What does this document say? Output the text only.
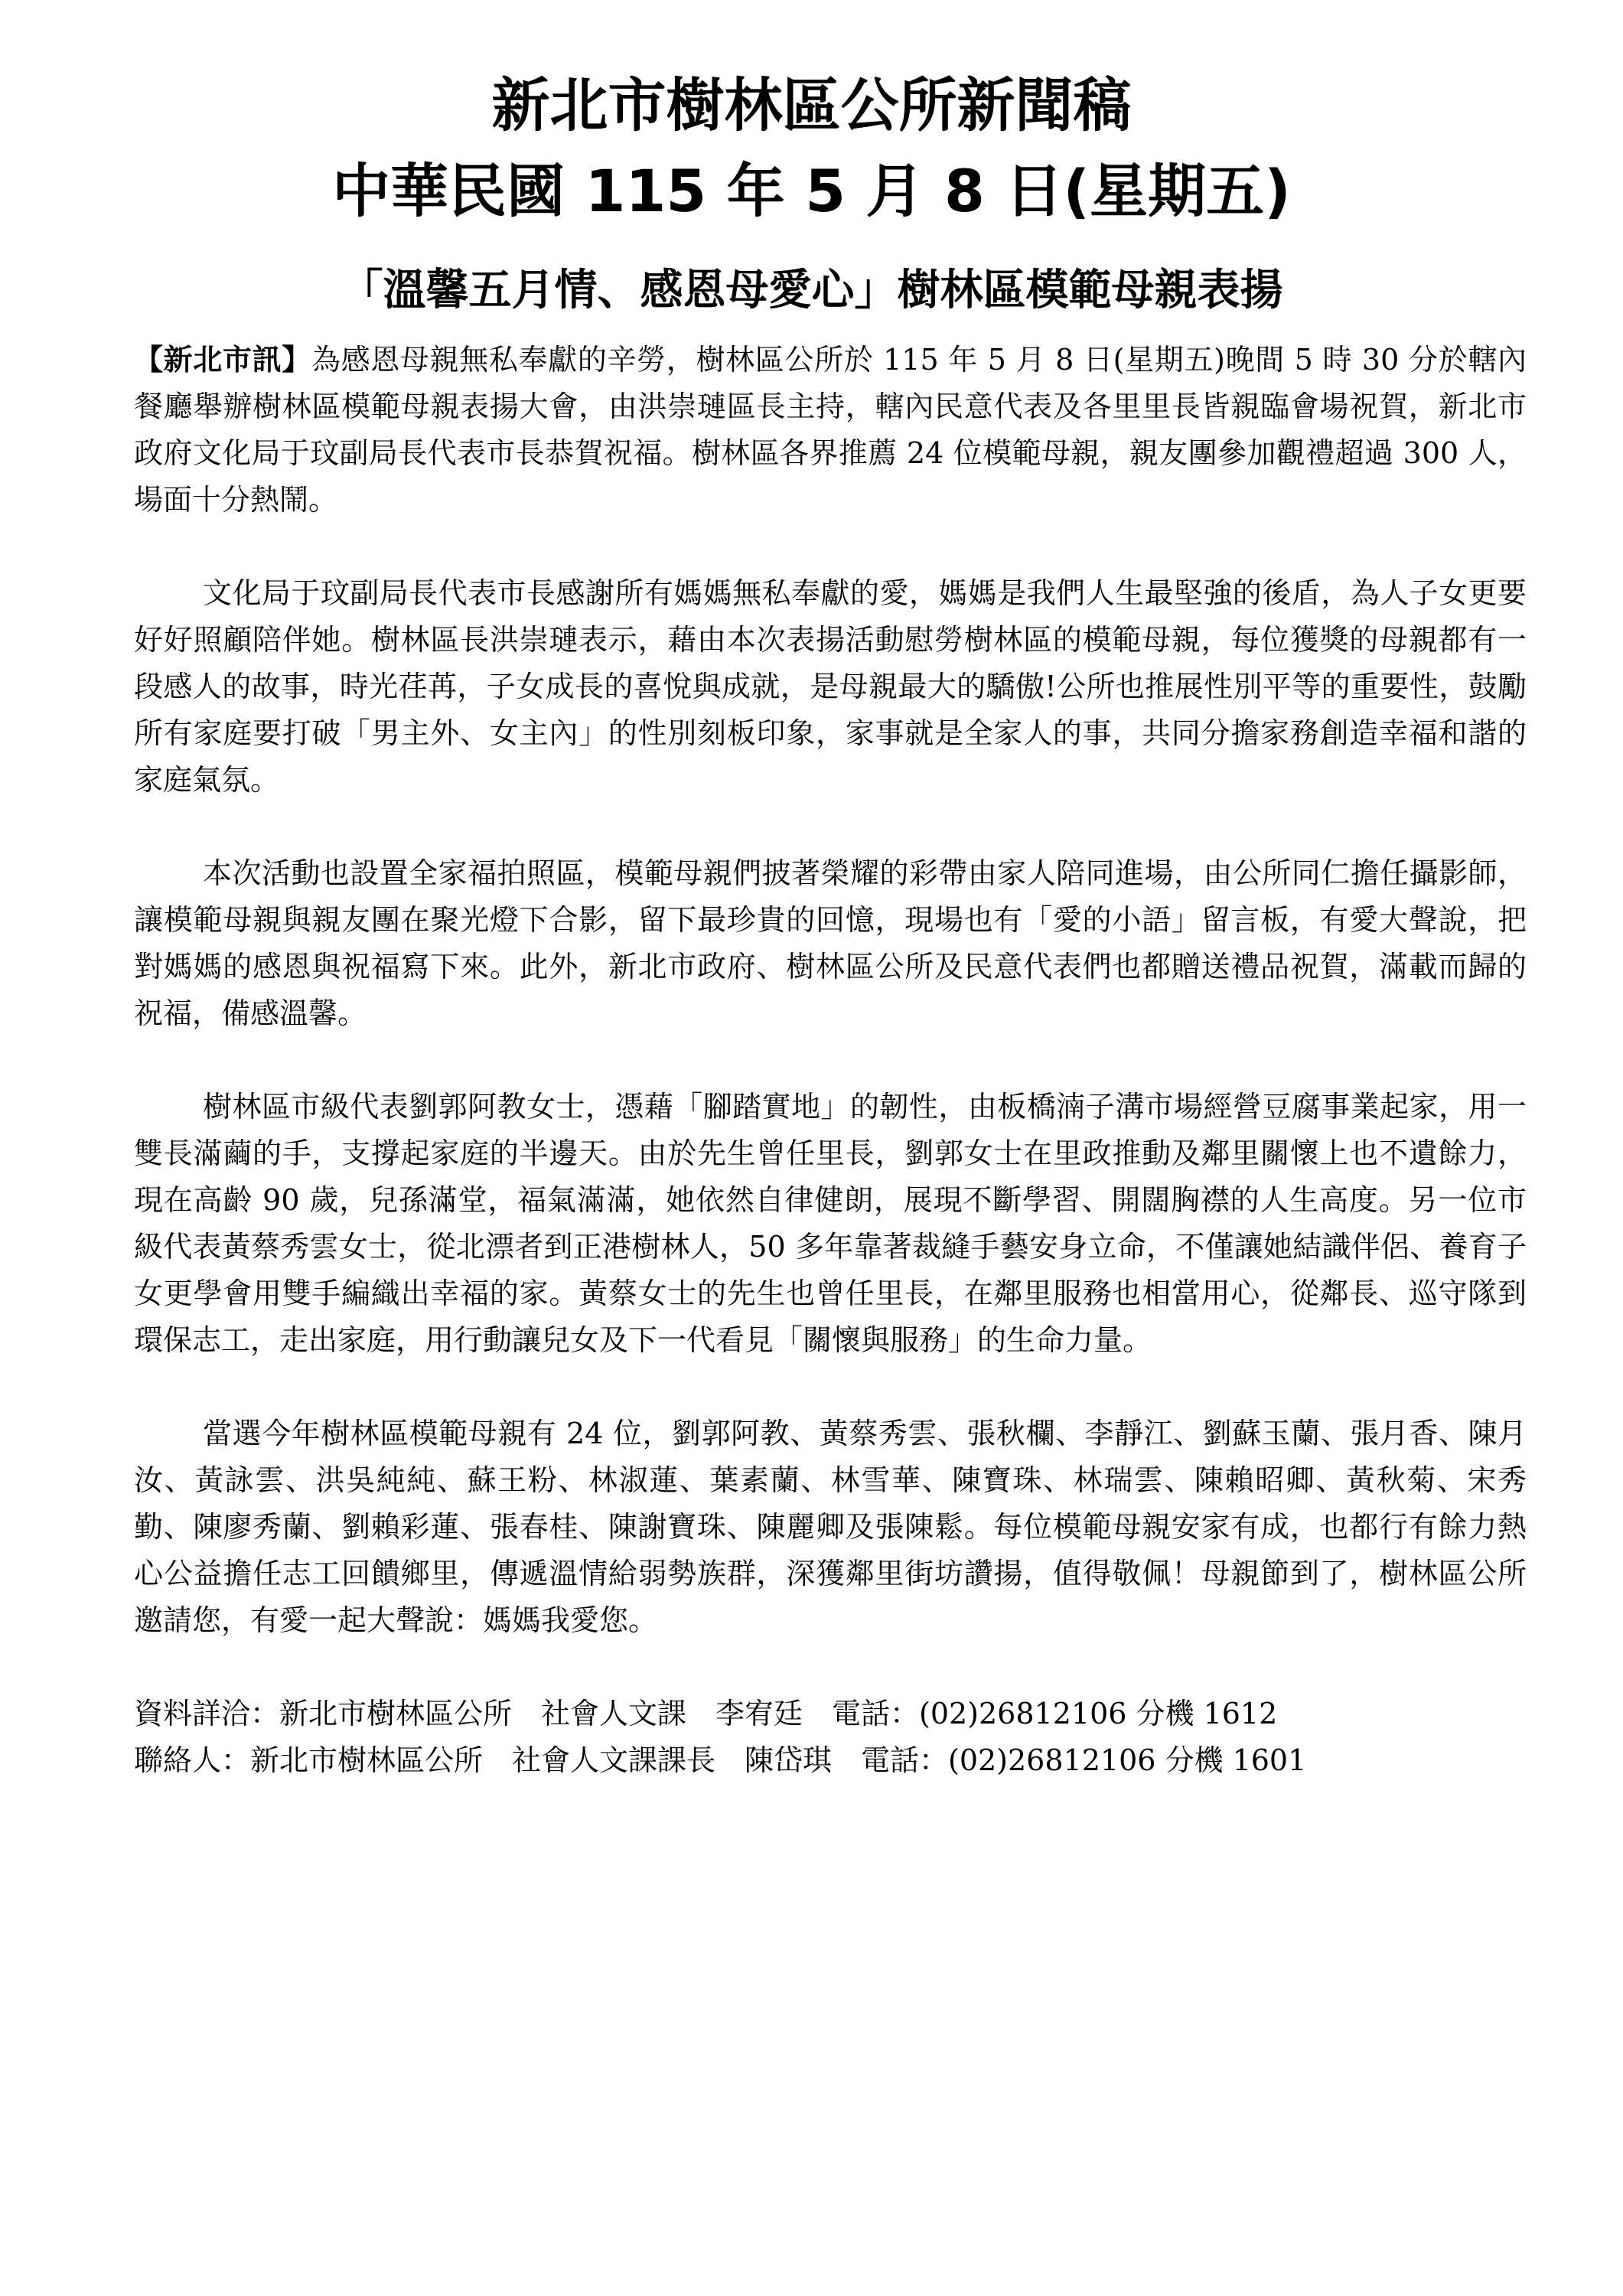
新北市樹林區公所新聞稿
中華民國 115 年 5 月 8 日(星期五)
「溫馨五月情、感恩母愛心」樹林區模範母親表揚

【新北市訊】為感恩母親無私奉獻的辛勞，樹林區公所於 115 年 5 月 8 日(星期五)晚間 5 時 30 分於轄內餐廳舉辦樹林區模範母親表揚大會，由洪崇璉區長主持，轄內民意代表及各里里長皆親臨會場祝賀，新北市政府文化局于玟副局長代表市長恭賀祝福。樹林區各界推薦 24 位模範母親，親友團參加觀禮超過 300 人，場面十分熱鬧。

文化局于玟副局長代表市長感謝所有媽媽無私奉獻的愛，媽媽是我們人生最堅強的後盾，為人子女更要好好照顧陪伴她。樹林區長洪崇璉表示，藉由本次表揚活動慰勞樹林區的模範母親，每位獲獎的母親都有一段感人的故事，時光荏苒，子女成長的喜悅與成就，是母親最大的驕傲!公所也推展性別平等的重要性，鼓勵所有家庭要打破「男主外、女主內」的性別刻板印象，家事就是全家人的事，共同分擔家務創造幸福和諧的家庭氣氛。

本次活動也設置全家福拍照區，模範母親們披著榮耀的彩帶由家人陪同進場，由公所同仁擔任攝影師，讓模範母親與親友團在聚光燈下合影，留下最珍貴的回憶，現場也有「愛的小語」留言板，有愛大聲說，把對媽媽的感恩與祝福寫下來。此外，新北市政府、樹林區公所及民意代表們也都贈送禮品祝賀，滿載而歸的祝福，備感溫馨。

樹林區市級代表劉郭阿教女士，憑藉「腳踏實地」的韌性，由板橋湳子溝市場經營豆腐事業起家，用一雙長滿繭的手，支撐起家庭的半邊天。由於先生曾任里長，劉郭女士在里政推動及鄰里關懷上也不遺餘力，現在高齡 90 歲，兒孫滿堂，福氣滿滿，她依然自律健朗，展現不斷學習、開闊胸襟的人生高度。另一位市級代表黃蔡秀雲女士，從北漂者到正港樹林人，50 多年靠著裁縫手藝安身立命，不僅讓她結識伴侶、養育子女更學會用雙手編織出幸福的家。黃蔡女士的先生也曾任里長，在鄰里服務也相當用心，從鄰長、巡守隊到環保志工，走出家庭，用行動讓兒女及下一代看見「關懷與服務」的生命力量。

當選今年樹林區模範母親有 24 位，劉郭阿教、黃蔡秀雲、張秋欄、李靜江、劉蘇玉蘭、張月香、陳月汝、黃詠雲、洪吳純純、蘇王粉、林淑蓮、葉素蘭、林雪華、陳寶珠、林瑞雲、陳賴昭卿、黃秋菊、宋秀勤、陳廖秀蘭、劉賴彩蓮、張春桂、陳謝寶珠、陳麗卿及張陳鬆。每位模範母親安家有成，也都行有餘力熱心公益擔任志工回饋鄉里，傳遞溫情給弱勢族群，深獲鄰里街坊讚揚，值得敬佩！母親節到了，樹林區公所邀請您，有愛一起大聲說：媽媽我愛您。

資料詳洽：新北市樹林區公所　社會人文課　李宥廷　電話：(02)26812106 分機 1612

聯絡人：新北市樹林區公所　社會人文課課長　陳岱琪　電話：(02)26812106 分機 1601
